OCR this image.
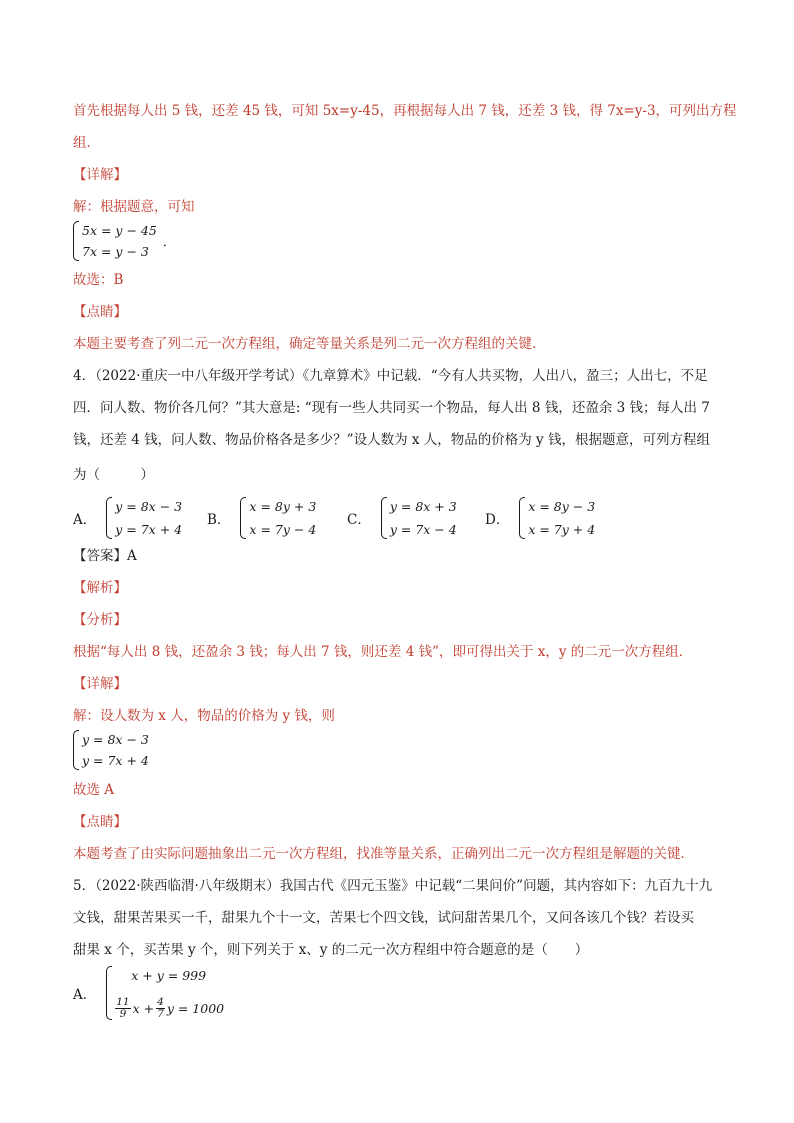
首先根据每人出 5 钱，还差 45 钱，可知 5x=y-45，再根据每人出 7 钱，还差 3 钱，得 7x=y-3，可列出方程
组．
【详解】
解：根据题意，可知
5x = y − 45
7x = y − 3
．
故选：B
【点睛】
本题主要考查了列二元一次方程组，确定等量关系是列二元一次方程组的关键．
4．（2022·重庆一中八年级开学考试）《九章算术》中记载．“今有人共买物，人出八，盈三；人出七，不足
四．问人数、物价各几何？”其大意是: “现有一些人共同买一个物品，每人出 8 钱，还盈余 3 钱；每人出 7
钱，还差 4 钱，问人数、物品价格各是多少？”设人数为 x 人，物品的价格为 y 钱，根据题意，可列方程组
为（　　　）
A．
y = 8x − 3
y = 7x + 4
B．
x = 8y + 3
x = 7y − 4
C．
y = 8x + 3
y = 7x − 4
D．
x = 8y − 3
x = 7y + 4
【答案】A
【解析】
【分析】
根据“每人出 8 钱，还盈余 3 钱；每人出 7 钱，则还差 4 钱”，即可得出关于 x，y 的二元一次方程组．
【详解】
解：设人数为 x 人，物品的价格为 y 钱，则
y = 8x − 3
y = 7x + 4
故选 A
【点睛】
本题考查了由实际问题抽象出二元一次方程组，找准等量关系，正确列出二元一次方程组是解题的关键．
5．（2022·陕西临渭·八年级期末）我国古代《四元玉鉴》中记载“二果问价”问题，其内容如下：九百九十九
文钱，甜果苦果买一千，甜果九个十一文，苦果七个四文钱，试问甜苦果几个，又问各该几个钱？若设买
甜果 x 个，买苦果 y 个，则下列关于 x、y 的二元一次方程组中符合题意的是（　　）
A．
x + y = 999
$\frac{11}{9}$ $x + \frac{4}{7}$ y = 1000
